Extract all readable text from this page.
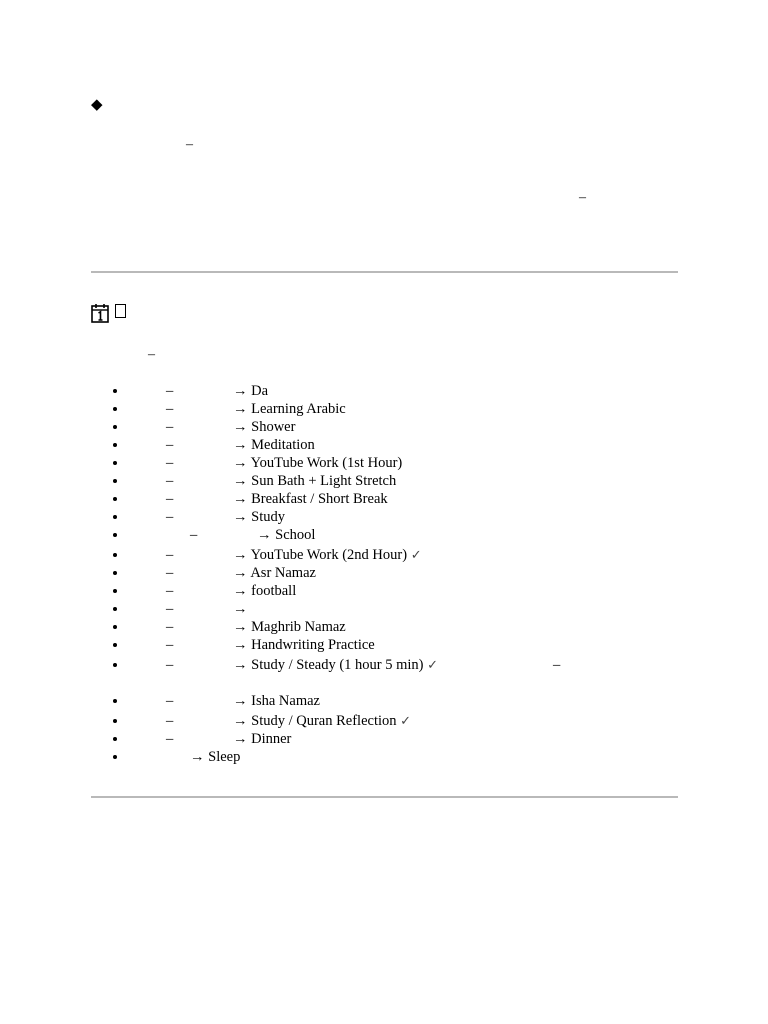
◆
–
–
–
–	→ Da
–	→ Learning Arabic
–	→ Shower
–	→ Meditation
–	→ YouTube Work (1st Hour)
–	→ Sun Bath + Light Stretch
–	→ Breakfast / Short Break
–	→ Study
–	→ School
–	→ YouTube Work (2nd Hour) ✓
–	→ Asr Namaz
–	→ football
–	→
–	→ Maghrib Namaz
–	→ Handwriting Practice
–	→ Study / Steady (1 hour 5 min) ✓	–
–	→ Isha Namaz
–	→ Study / Quran Reflection ✓
–	→ Dinner
→ Sleep
